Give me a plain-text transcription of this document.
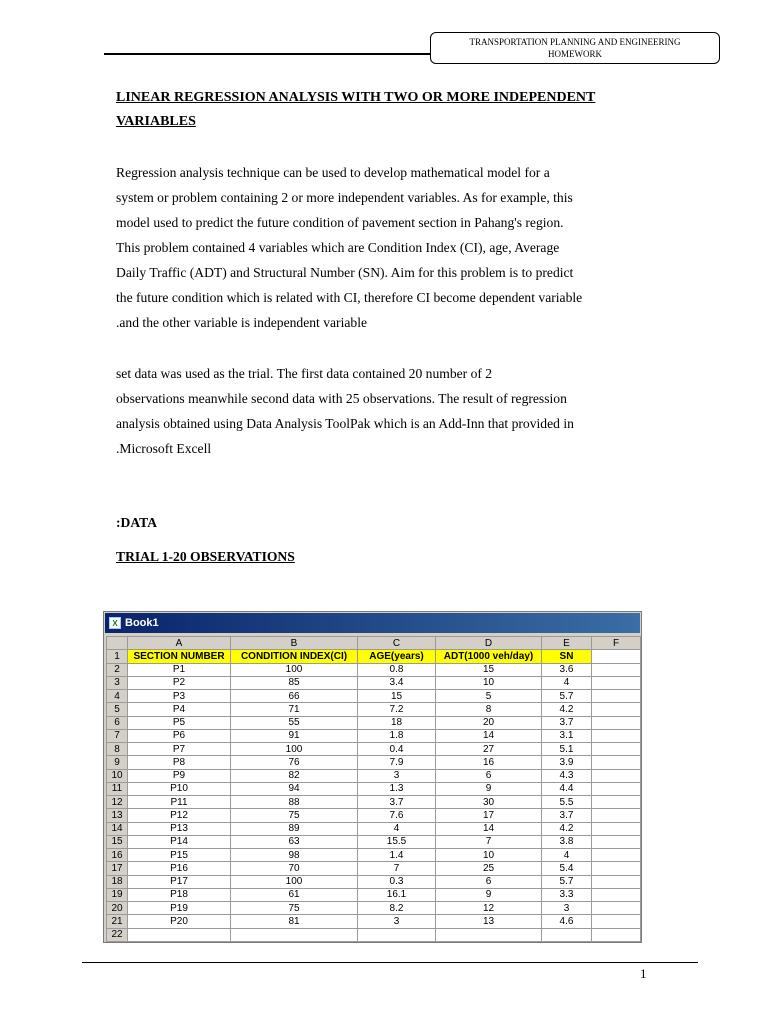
TRANSPORTATION PLANNING AND ENGINEERING
HOMEWORK
LINEAR REGRESSION ANALYSIS WITH TWO OR MORE INDEPENDENT
VARIABLES
Regression analysis technique can be used to develop mathematical model for a
system or problem containing 2 or more independent variables. As for example, this
model used to predict the future condition of pavement section in Pahang's region.
This problem contained 4 variables which are Condition Index (CI), age, Average
Daily Traffic (ADT) and Structural Number (SN). Aim for this problem is to predict
the future condition which is related with CI, therefore CI become dependent variable
.and the other variable is independent variable
set data was used as the trial. The first data contained 20 number of 2
observations meanwhile second data with 25 observations. The result of regression
analysis obtained using Data Analysis ToolPak which is an Add-Inn that provided in
.Microsoft Excell
:DATA
TRIAL 1-20 OBSERVATIONS
X Book1
	A	B	C	D	E	F
1	SECTION NUMBER	CONDITION INDEX(CI)	AGE(years)	ADT(1000 veh/day)	SN	
2	P1	100	0.8	15	3.6	
3	P2	85	3.4	10	4	
4	P3	66	15	5	5.7	
5	P4	71	7.2	8	4.2	
6	P5	55	18	20	3.7	
7	P6	91	1.8	14	3.1	
8	P7	100	0.4	27	5.1	
9	P8	76	7.9	16	3.9	
10	P9	82	3	6	4.3	
11	P10	94	1.3	9	4.4	
12	P11	88	3.7	30	5.5	
13	P12	75	7.6	17	3.7	
14	P13	89	4	14	4.2	
15	P14	63	15.5	7	3.8	
16	P15	98	1.4	10	4	
17	P16	70	7	25	5.4	
18	P17	100	0.3	6	5.7	
19	P18	61	16.1	9	3.3	
20	P19	75	8.2	12	3	
21	P20	81	3	13	4.6	
22						
1
